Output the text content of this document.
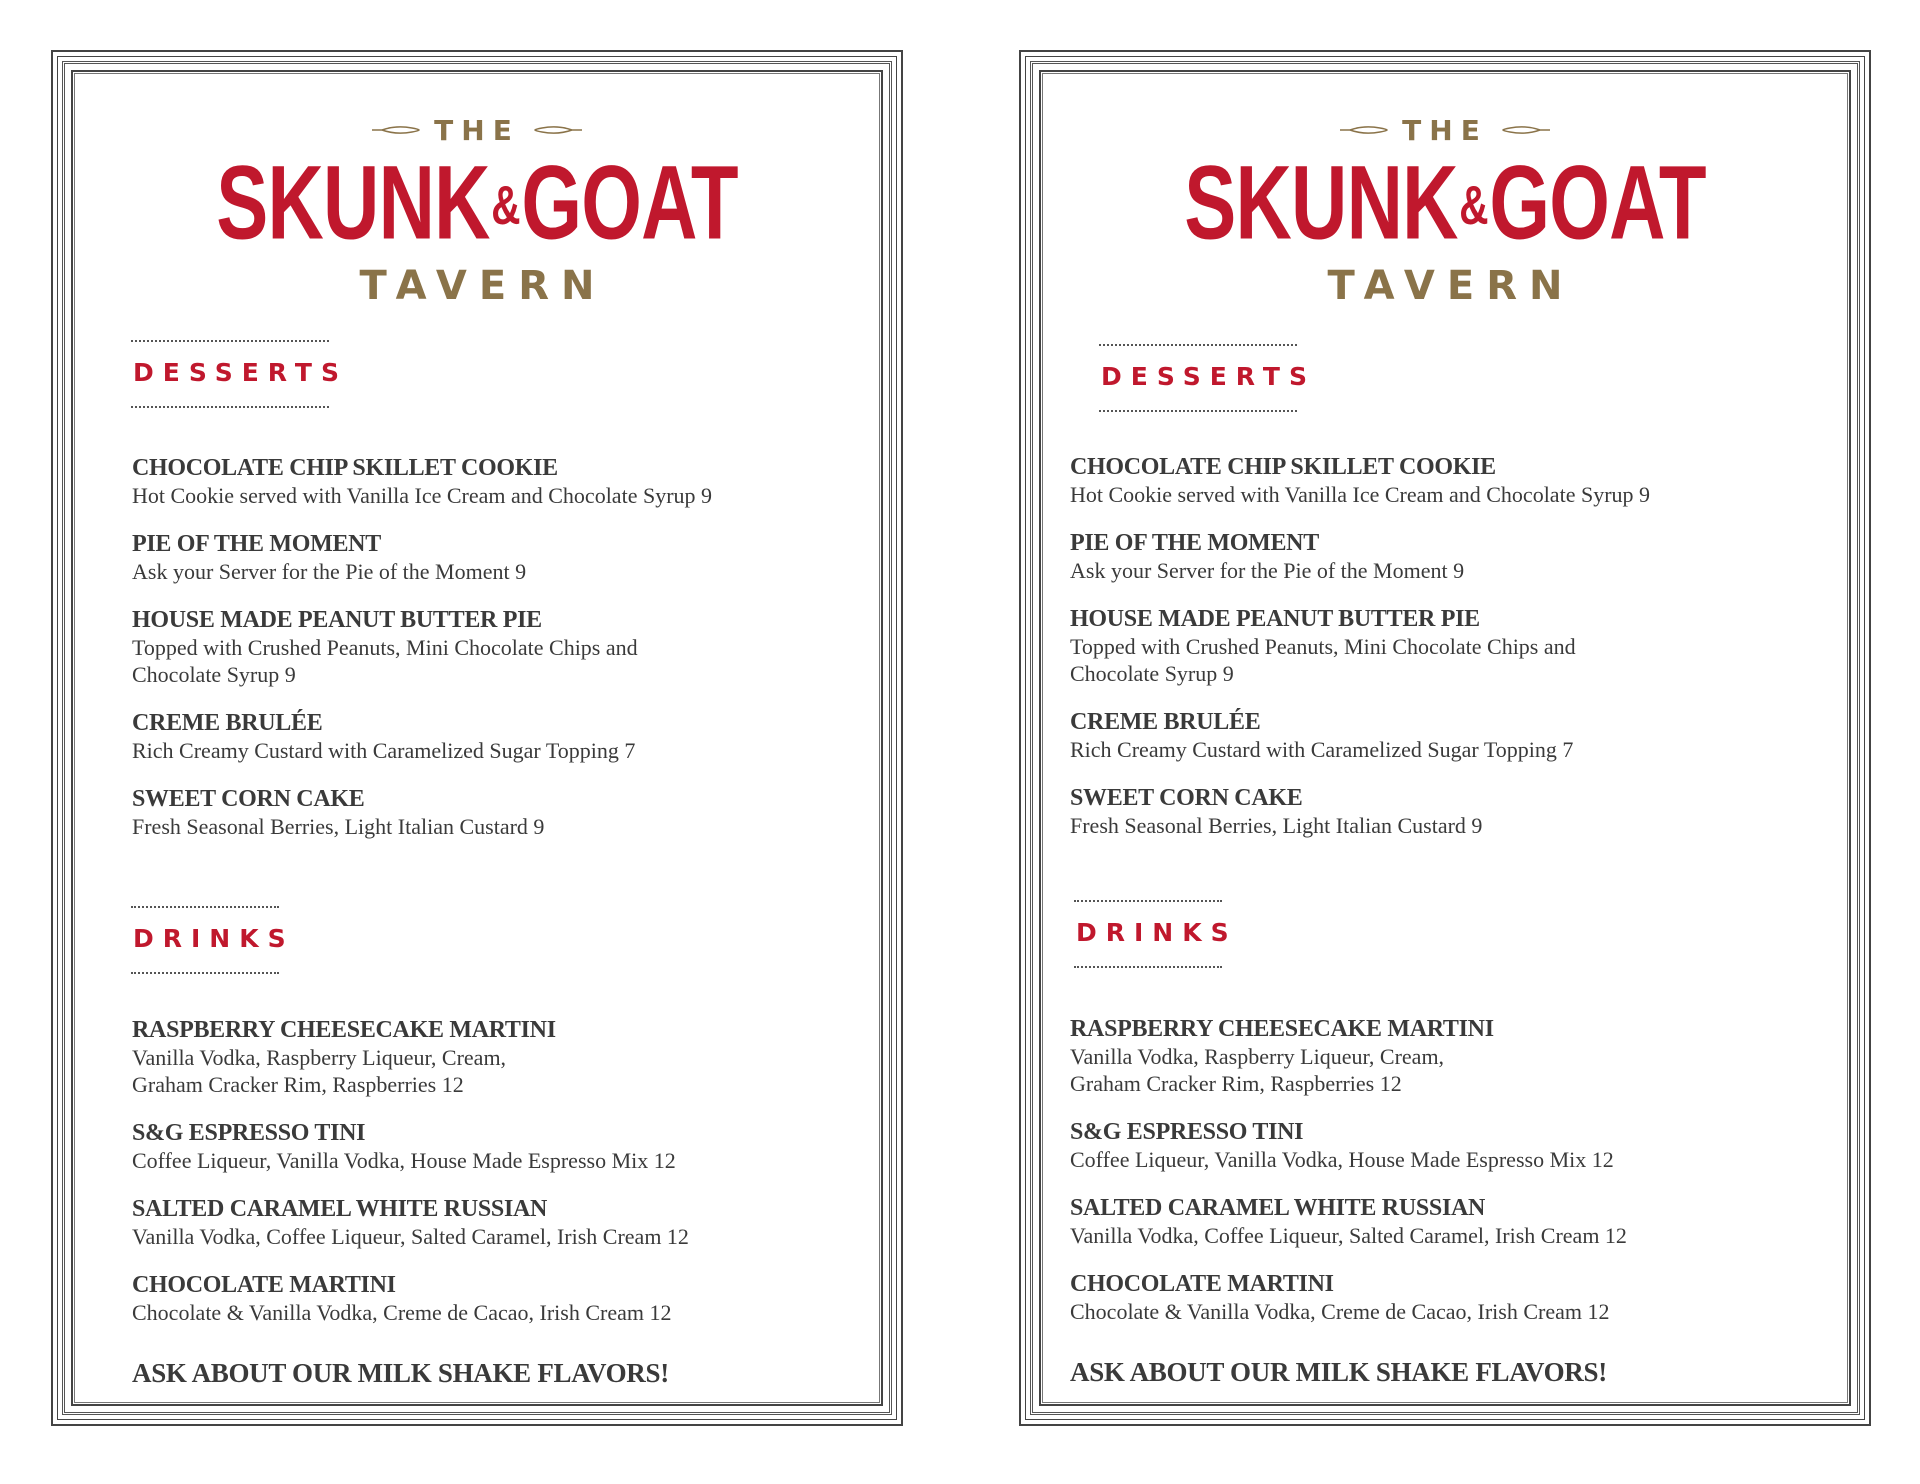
THE
SKUNK&GOAT
TAVERN
DESSERTS
CHOCOLATE CHIP SKILLET COOKIE
Hot Cookie served with Vanilla Ice Cream and Chocolate Syrup 9
PIE OF THE MOMENT
Ask your Server for the Pie of the Moment 9
HOUSE MADE PEANUT BUTTER PIE
Topped with Crushed Peanuts, Mini Chocolate Chips and
Chocolate Syrup 9
CREME BRULÉE
Rich Creamy Custard with Caramelized Sugar Topping 7
SWEET CORN CAKE
Fresh Seasonal Berries, Light Italian Custard 9
DRINKS
RASPBERRY CHEESECAKE MARTINI
Vanilla Vodka, Raspberry Liqueur, Cream,
Graham Cracker Rim, Raspberries 12
S&G ESPRESSO TINI
Coffee Liqueur, Vanilla Vodka, House Made Espresso Mix 12
SALTED CARAMEL WHITE RUSSIAN
Vanilla Vodka, Coffee Liqueur, Salted Caramel, Irish Cream 12
CHOCOLATE MARTINI
Chocolate & Vanilla Vodka, Creme de Cacao, Irish Cream 12
ASK ABOUT OUR MILK SHAKE FLAVORS!
THE
SKUNK&GOAT
TAVERN
DESSERTS
CHOCOLATE CHIP SKILLET COOKIE
Hot Cookie served with Vanilla Ice Cream and Chocolate Syrup 9
PIE OF THE MOMENT
Ask your Server for the Pie of the Moment 9
HOUSE MADE PEANUT BUTTER PIE
Topped with Crushed Peanuts, Mini Chocolate Chips and
Chocolate Syrup 9
CREME BRULÉE
Rich Creamy Custard with Caramelized Sugar Topping 7
SWEET CORN CAKE
Fresh Seasonal Berries, Light Italian Custard 9
DRINKS
RASPBERRY CHEESECAKE MARTINI
Vanilla Vodka, Raspberry Liqueur, Cream,
Graham Cracker Rim, Raspberries 12
S&G ESPRESSO TINI
Coffee Liqueur, Vanilla Vodka, House Made Espresso Mix 12
SALTED CARAMEL WHITE RUSSIAN
Vanilla Vodka, Coffee Liqueur, Salted Caramel, Irish Cream 12
CHOCOLATE MARTINI
Chocolate & Vanilla Vodka, Creme de Cacao, Irish Cream 12
ASK ABOUT OUR MILK SHAKE FLAVORS!
